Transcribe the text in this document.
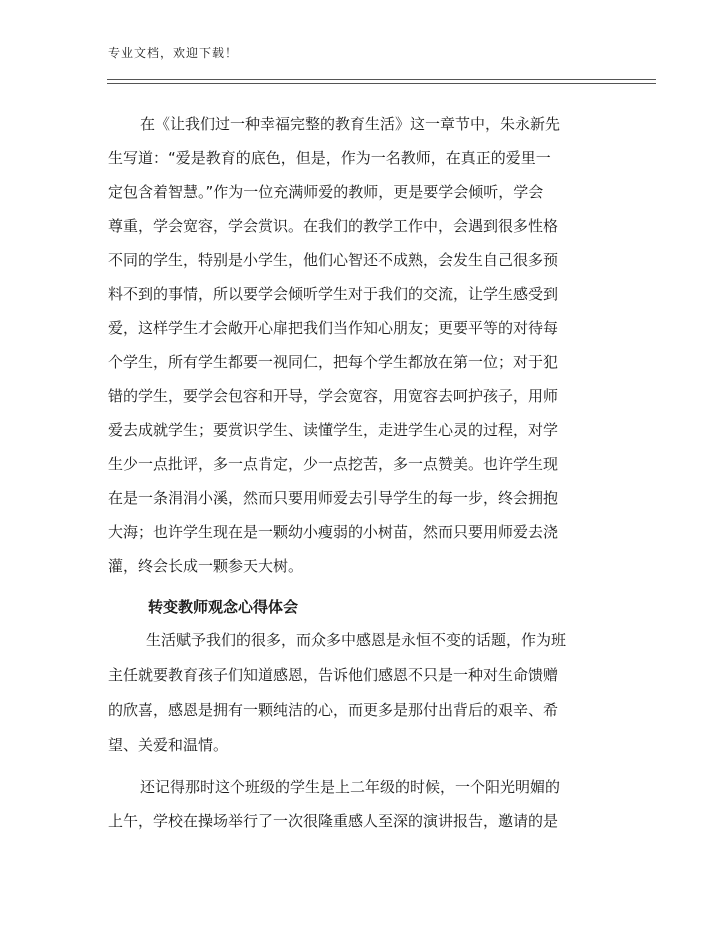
专业文档，欢迎下载！
在《让我们过一种幸福完整的教育生活》这一章节中，朱永新先
生写道：“爱是教育的底色，但是，作为一名教师，在真正的爱里一
定包含着智慧。”作为一位充满师爱的教师，更是要学会倾听，学会
尊重，学会宽容，学会赏识。在我们的教学工作中，会遇到很多性格
不同的学生，特别是小学生，他们心智还不成熟，会发生自己很多预
料不到的事情，所以要学会倾听学生对于我们的交流，让学生感受到
爱，这样学生才会敞开心扉把我们当作知心朋友；更要平等的对待每
个学生，所有学生都要一视同仁，把每个学生都放在第一位；对于犯
错的学生，要学会包容和开导，学会宽容，用宽容去呵护孩子，用师
爱去成就学生；要赏识学生、读懂学生，走进学生心灵的过程，对学
生少一点批评，多一点肯定，少一点挖苦，多一点赞美。也许学生现
在是一条涓涓小溪，然而只要用师爱去引导学生的每一步，终会拥抱
大海；也许学生现在是一颗幼小瘦弱的小树苗，然而只要用师爱去浇
灌，终会长成一颗参天大树。
转变教师观念心得体会
生活赋予我们的很多，而众多中感恩是永恒不变的话题，作为班
主任就要教育孩子们知道感恩，告诉他们感恩不只是一种对生命馈赠
的欣喜，感恩是拥有一颗纯洁的心，而更多是那付出背后的艰辛、希
望、关爱和温情。
还记得那时这个班级的学生是上二年级的时候，一个阳光明媚的
上午，学校在操场举行了一次很隆重感人至深的演讲报告，邀请的是
